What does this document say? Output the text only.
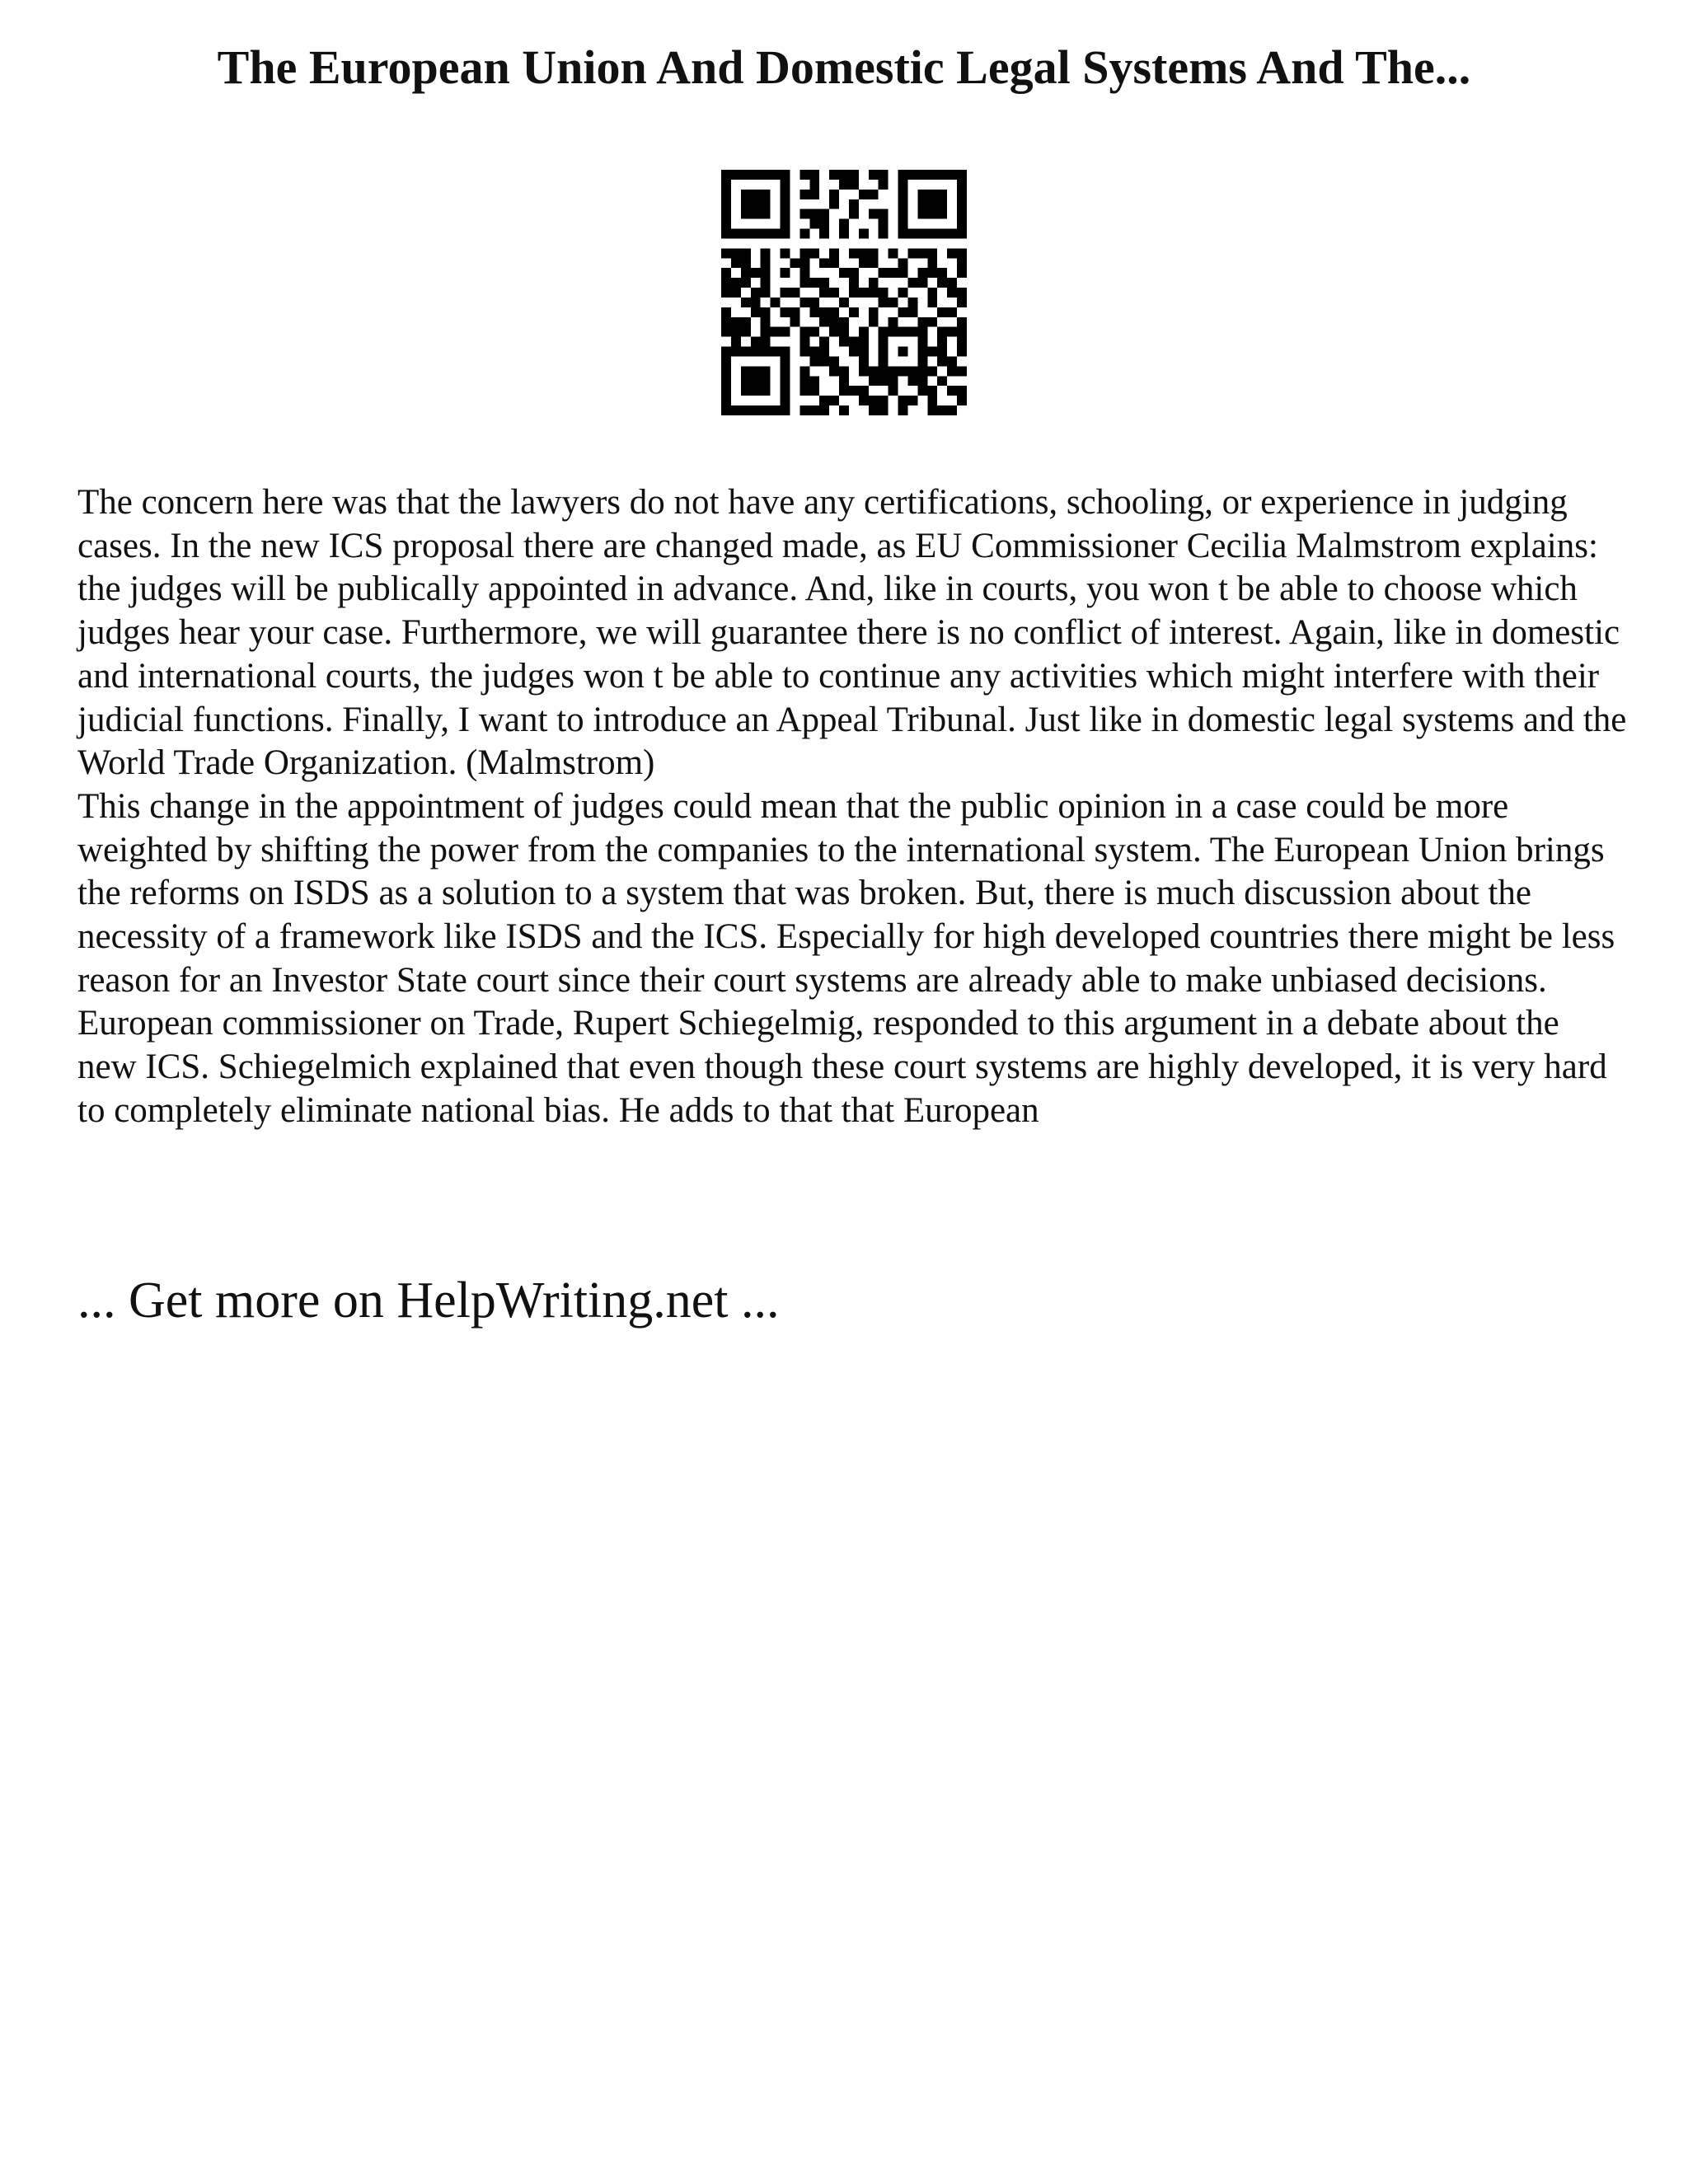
The European Union And Domestic Legal Systems And The...

The concern here was that the lawyers do not have any certifications, schooling, or experience in judging cases. In the new ICS proposal there are changed made, as EU Commissioner Cecilia Malmstrom explains:

the judges will be publically appointed in advance. And, like in courts, you won t be able to choose which judges hear your case. Furthermore, we will guarantee there is no conflict of interest. Again, like in domestic and international courts, the judges won t be able to continue any activities which might interfere with their judicial functions. Finally, I want to introduce an Appeal Tribunal. Just like in domestic legal systems and the World Trade Organization. (Malmstrom)

This change in the appointment of judges could mean that the public opinion in a case could be more weighted by shifting the power from the companies to the international system. The European Union brings the reforms on ISDS as a solution to a system that was broken. But, there is much discussion about the necessity of a framework like ISDS and the ICS. Especially for high developed countries there might be less reason for an Investor State court since their court systems are already able to make unbiased decisions. European commissioner on Trade, Rupert Schiegelmig, responded to this argument in a debate about the new ICS. Schiegelmich explained that even though these court systems are highly developed, it is very hard to completely eliminate national bias. He adds to that that European

... Get more on HelpWriting.net ...
